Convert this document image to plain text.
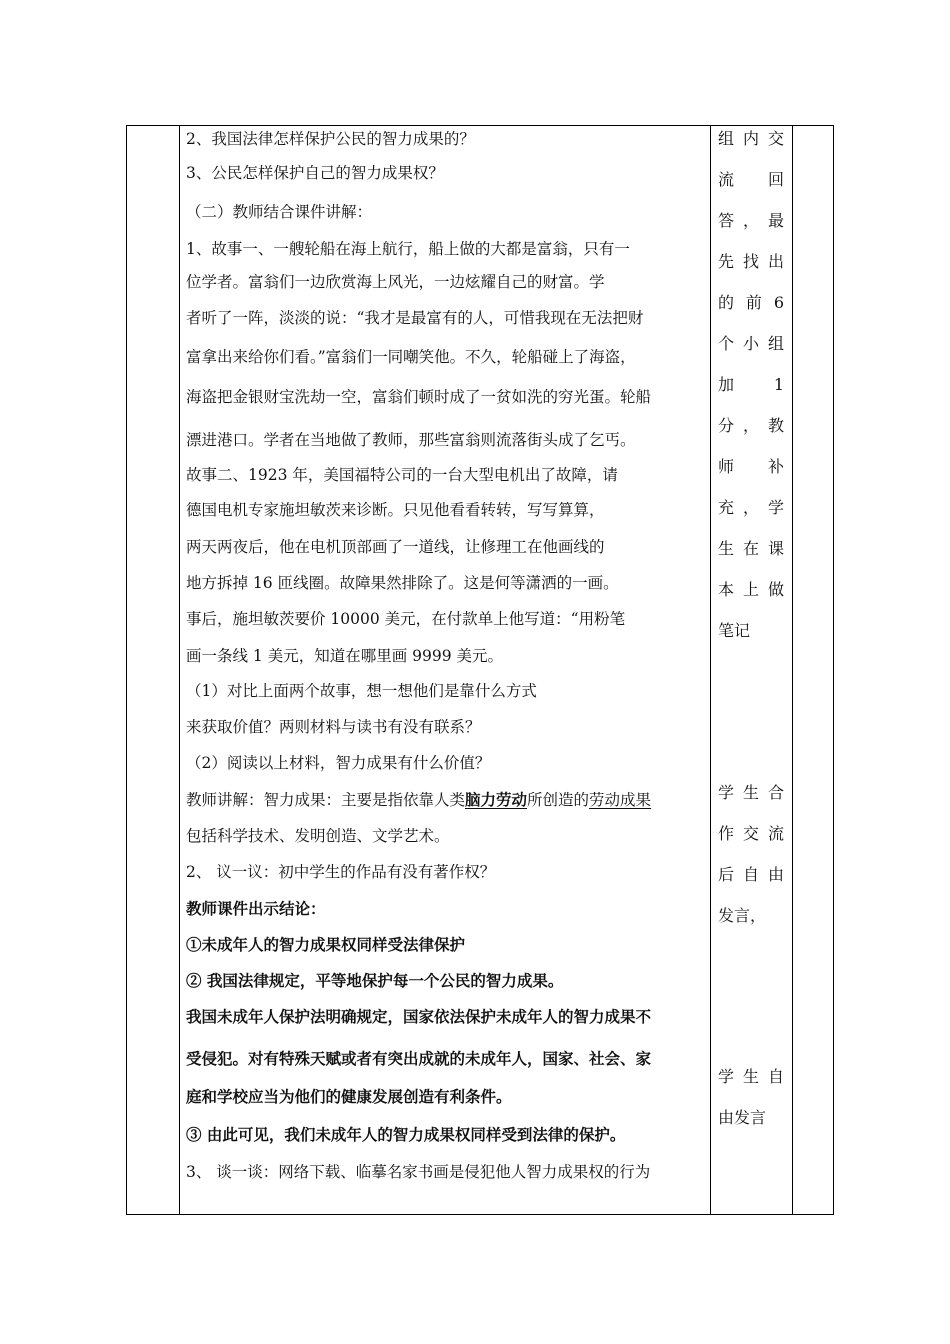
2、我国法律怎样保护公民的智力成果的？
3、公民怎样保护自己的智力成果权？
（二）教师结合课件讲解：
1、故事一、一艘轮船在海上航行，船上做的大都是富翁，只有一
位学者。富翁们一边欣赏海上风光，一边炫耀自己的财富。学
者听了一阵，淡淡的说：“我才是最富有的人，可惜我现在无法把财
富拿出来给你们看。”富翁们一同嘲笑他。不久，轮船碰上了海盗，
海盗把金银财宝洗劫一空，富翁们顿时成了一贫如洗的穷光蛋。轮船
漂进港口。学者在当地做了教师，那些富翁则流落街头成了乞丐。
故事二、1923 年，美国福特公司的一台大型电机出了故障，请
德国电机专家施坦敏茨来诊断。只见他看看转转，写写算算，
两天两夜后，他在电机顶部画了一道线，让修理工在他画线的
地方拆掉 16 匝线圈。故障果然排除了。这是何等潇洒的一画。
事后，施坦敏茨要价 10000 美元，在付款单上他写道：“用粉笔
画一条线 1 美元，知道在哪里画 9999 美元。
（1）对比上面两个故事，想一想他们是靠什么方式
来获取价值？两则材料与读书有没有联系？
（2）阅读以上材料，智力成果有什么价值？
教师讲解：智力成果：主要是指依靠人类脑力劳动所创造的劳动成果
包括科学技术、发明创造、文学艺术。
2、 议一议：初中学生的作品有没有著作权？
教师课件出示结论：
①未成年人的智力成果权同样受法律保护
② 我国法律规定，平等地保护每一个公民的智力成果。
我国未成年人保护法明确规定，国家依法保护未成年人的智力成果不
受侵犯。对有特殊天赋或者有突出成就的未成年人，国家、社会、家
庭和学校应当为他们的健康发展创造有利条件。
③ 由此可见，我们未成年人的智力成果权同样受到法律的保护。
3、 谈一谈：网络下载、临摹名家书画是侵犯他人智力成果权的行为
组 内 交
流 回
答 ， 最
先 找 出
的 前 6
个 小 组
加 1
分 ， 教
师 补
充 ， 学
生 在 课
本 上 做
笔记
学 生 合
作 交 流
后 自 由
发言，
学 生 自
由发言
